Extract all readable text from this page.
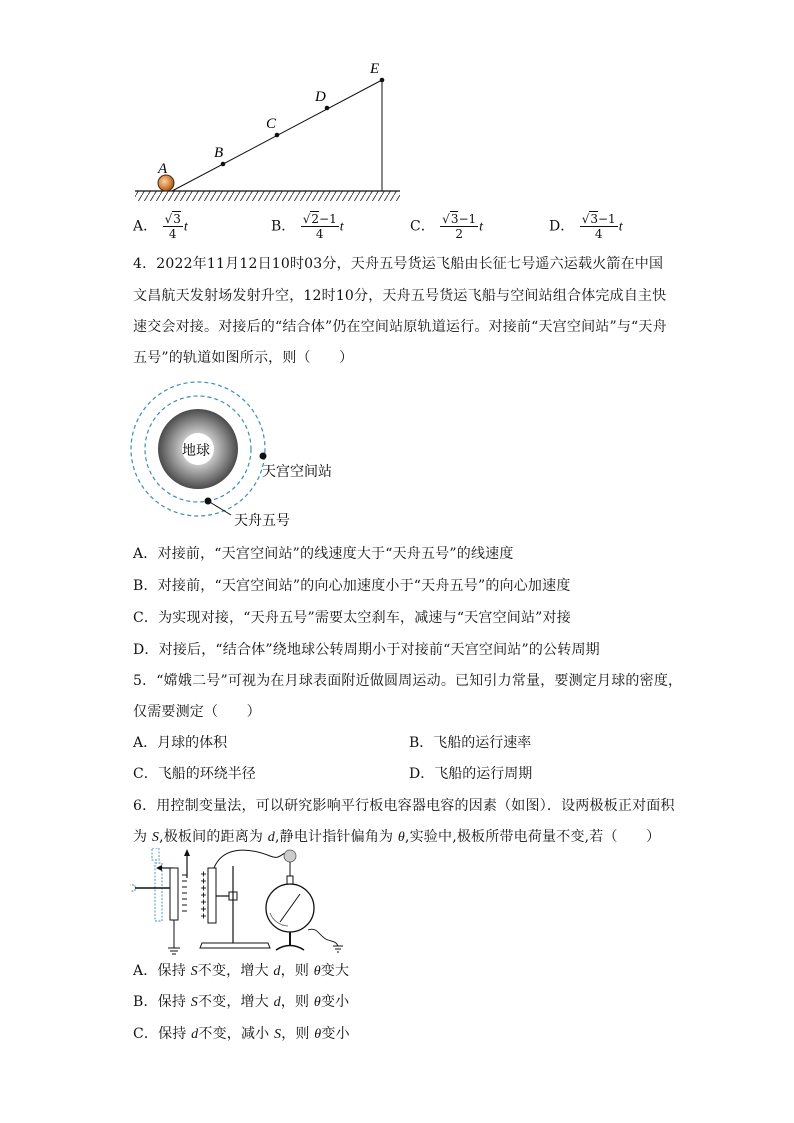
A
B
C
D
E
A． $\frac{√3}{4}$ t	B． $\frac{√2-1}{4}$ t	C． $\frac{√3-1}{2}$ t	D． $\frac{√3-1}{4}$ t
4．2022年11月12日10时03分，天舟五号货运飞船由长征七号遥六运载火箭在中国
文昌航天发射场发射升空，12时10分，天舟五号货运飞船与空间站组合体完成自主快
速交会对接。对接后的“结合体”仍在空间站原轨道运行。对接前“天宫空间站”与“天舟
五号”的轨道如图所示，则（　　）
地球
天宫空间站
天舟五号
A．对接前，“天宫空间站”的线速度大于“天舟五号”的线速度
B．对接前，“天宫空间站”的向心加速度小于“天舟五号”的向心加速度
C．为实现对接，“天舟五号”需要太空刹车，减速与“天宫空间站”对接
D．对接后，“结合体”绕地球公转周期小于对接前“天宫空间站”的公转周期
5．“嫦娥二号”可视为在月球表面附近做圆周运动。已知引力常量，要测定月球的密度，
仅需要测定（　　）
A．月球的体积	B．飞船的运行速率
C．飞船的环绕半径	D．飞船的运行周期
6．用控制变量法，可以研究影响平行板电容器电容的因素（如图）．设两极板正对面积
为 S,极板间的距离为 d,静电计指针偏角为 θ,实验中,极板所带电荷量不变,若（　　）
A．保持 S不变，增大 d，则 θ变大
B．保持 S不变，增大 d，则 θ变小
C．保持 d不变，减小 S，则 θ变小
